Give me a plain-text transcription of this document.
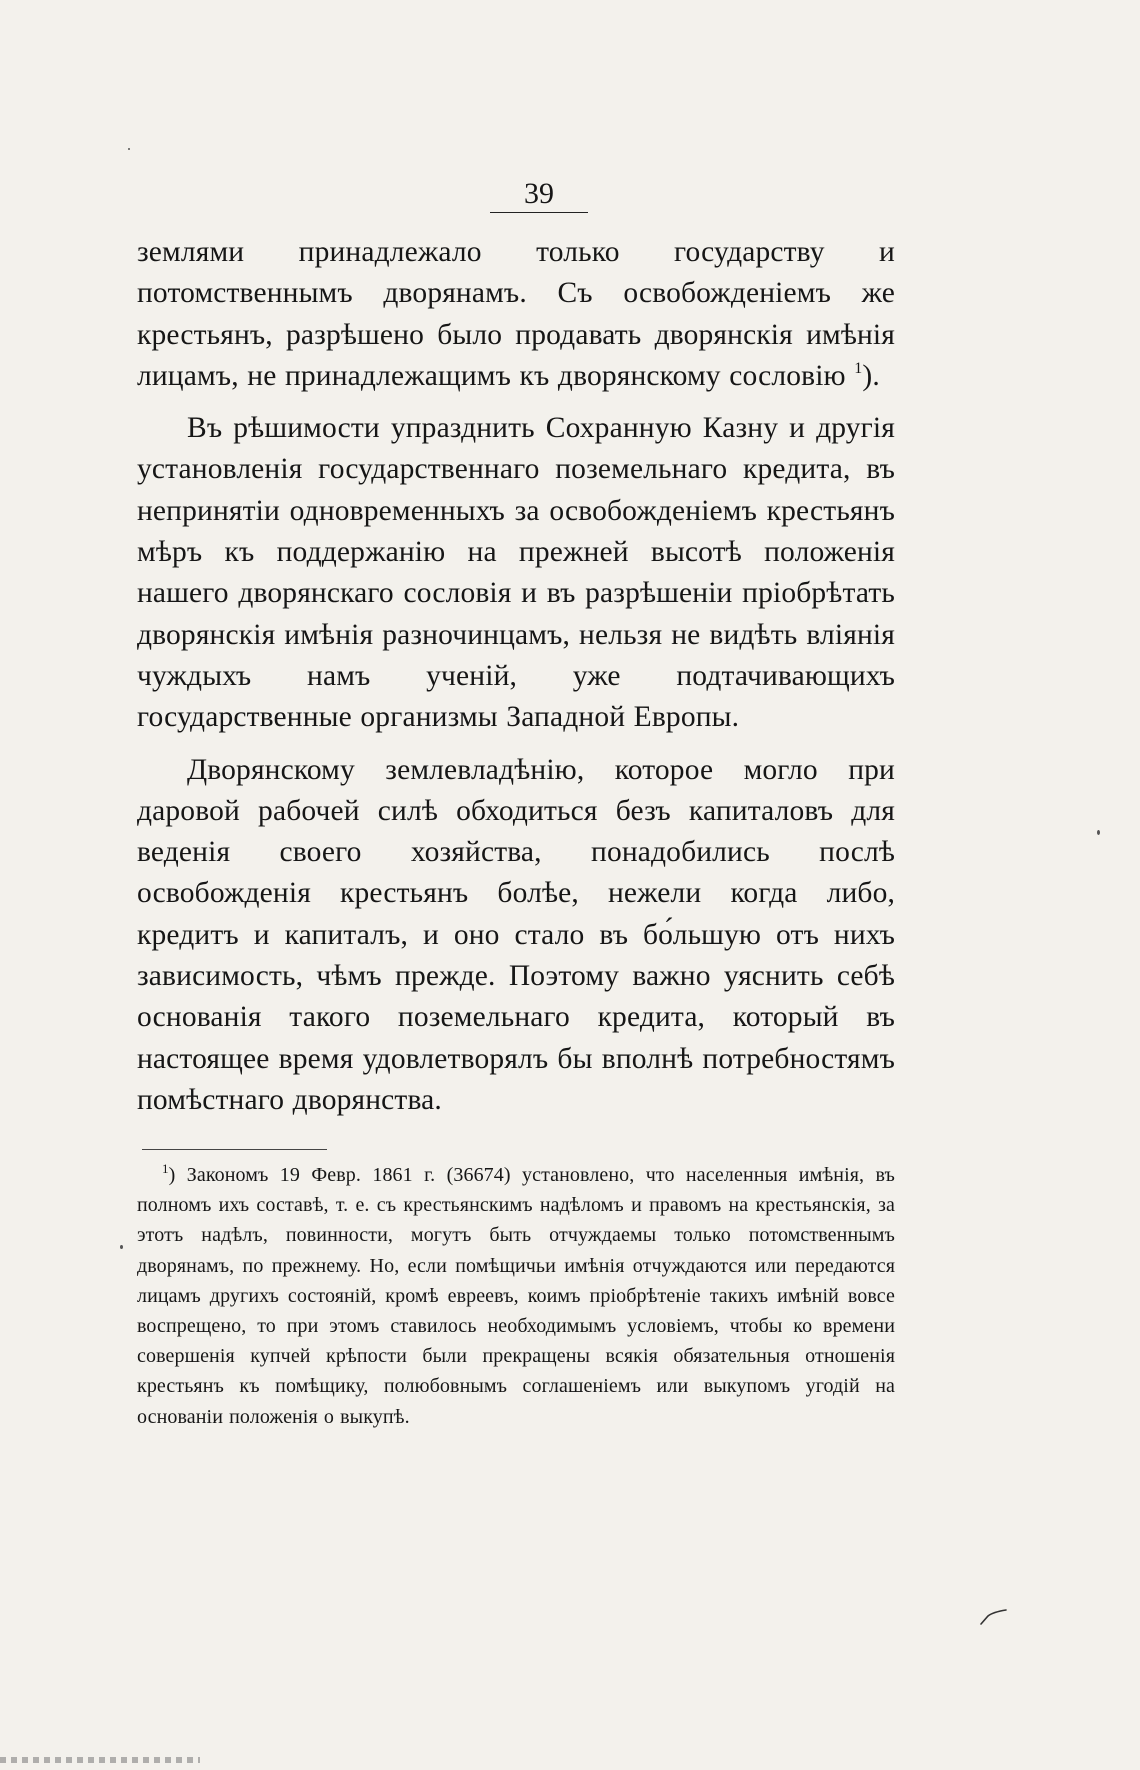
39

землями принадлежало только государству и потомственнымъ дворянамъ. Съ освобожденіемъ же крестьянъ, разрѣшено было продавать дворянскія имѣнія лицамъ, не принадлежащимъ къ дворянскому сословію $^1$).

Въ рѣшимости упразднить Сохранную Казну и другія установленія государственнаго поземельнаго кредита, въ непринятіи одновременныхъ за освобожденіемъ крестьянъ мѣръ къ поддержанію на прежней высотѣ положенія нашего дворянскаго сословія и въ разрѣшеніи пріобрѣтать дворянскія имѣнія разночинцамъ, нельзя не видѣть вліянія чуждыхъ намъ ученій, уже подтачивающихъ государственные организмы Западной Европы.

Дворянскому землевладѣнію, которое могло при даровой рабочей силѣ обходиться безъ капиталовъ для веденія своего хозяйства, понадобились послѣ освобожденія крестьянъ болѣе, нежели когда либо, кредитъ и капиталъ, и оно стало въ бо́льшую отъ нихъ зависимость, чѣмъ прежде. Поэтому важно уяснить себѣ основанія такого поземельнаго кредита, который въ настоящее время удовлетворялъ бы вполнѣ потребностямъ помѣстнаго дворянства.

$^1$) Закономъ 19 Февр. 1861 г. (36674) установлено, что населенныя имѣнія, въ полномъ ихъ составѣ, т. е. съ крестьянскимъ надѣломъ и правомъ на крестьянскія, за этотъ надѣлъ, повинности, могутъ быть отчуждаемы только потомственнымъ дворянамъ, по прежнему. Но, если помѣщичьи имѣнія отчуждаются или передаются лицамъ другихъ состояній, кромѣ евреевъ, коимъ пріобрѣтеніе такихъ имѣній вовсе воспрещено, то при этомъ ставилось необходимымъ условіемъ, чтобы ко времени совершенія купчей крѣпости были прекращены всякія обязательныя отношенія крестьянъ къ помѣщику, полюбовнымъ соглашеніемъ или выкупомъ угодій на основаніи положенія о выкупѣ.
